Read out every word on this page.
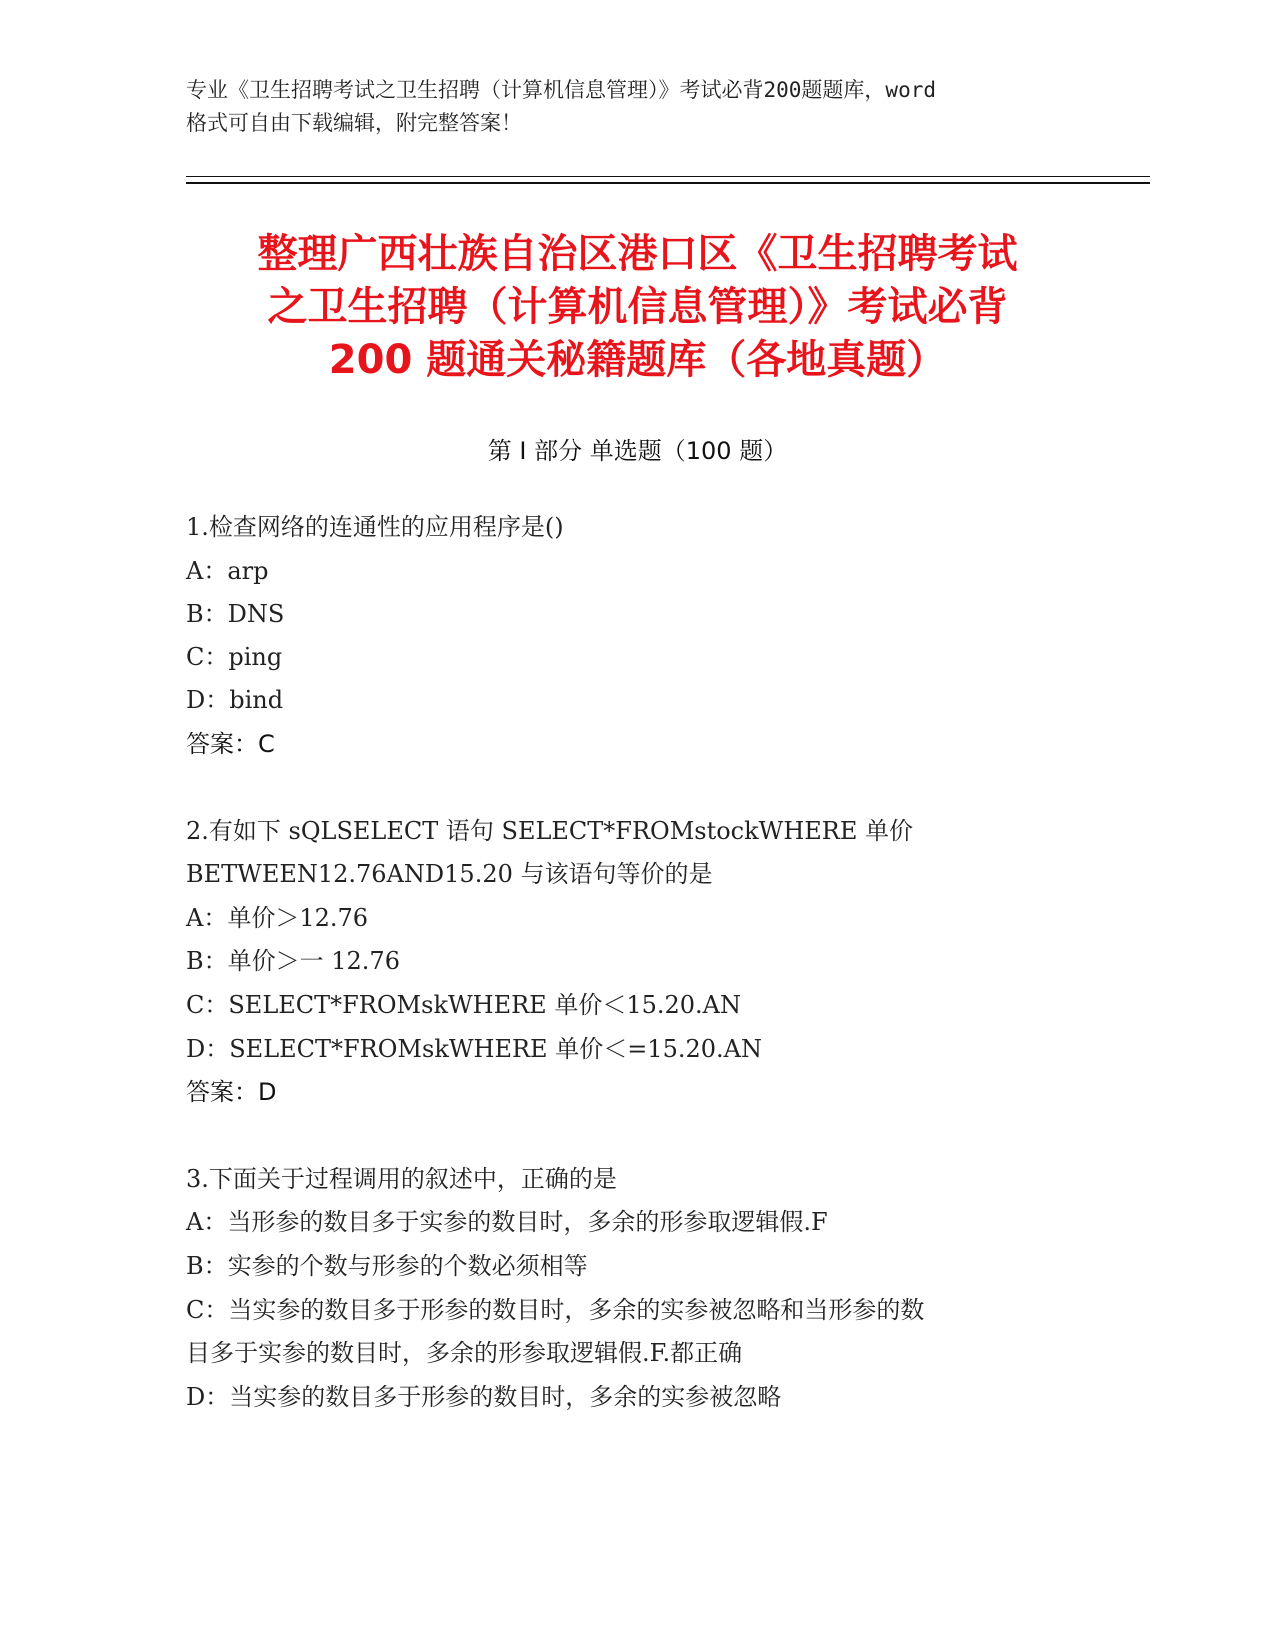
专业《卫生招聘考试之卫生招聘（计算机信息管理）》考试必背200题题库，word
格式可自由下载编辑，附完整答案！
整理广西壮族自治区港口区《卫生招聘考试
之卫生招聘（计算机信息管理）》考试必背
200 题通关秘籍题库（各地真题）
第 I 部分 单选题（100 题）
1.检查网络的连通性的应用程序是()
A：arp
B：DNS
C：ping
D：bind
答案：C
2.有如下 sQLSELECT 语句 SELECT*FROMstockWHERE 单价
BETWEEN12.76AND15.20 与该语句等价的是
A：单价＞12.76
B：单价＞一 12.76
C：SELECT*FROMskWHERE 单价＜15.20.AN
D：SELECT*FROMskWHERE 单价＜=15.20.AN
答案：D
3.下面关于过程调用的叙述中，正确的是
A：当形参的数目多于实参的数目时，多余的形参取逻辑假.F
B：实参的个数与形参的个数必须相等
C：当实参的数目多于形参的数目时，多余的实参被忽略和当形参的数
目多于实参的数目时，多余的形参取逻辑假.F.都正确
D：当实参的数目多于形参的数目时，多余的实参被忽略
